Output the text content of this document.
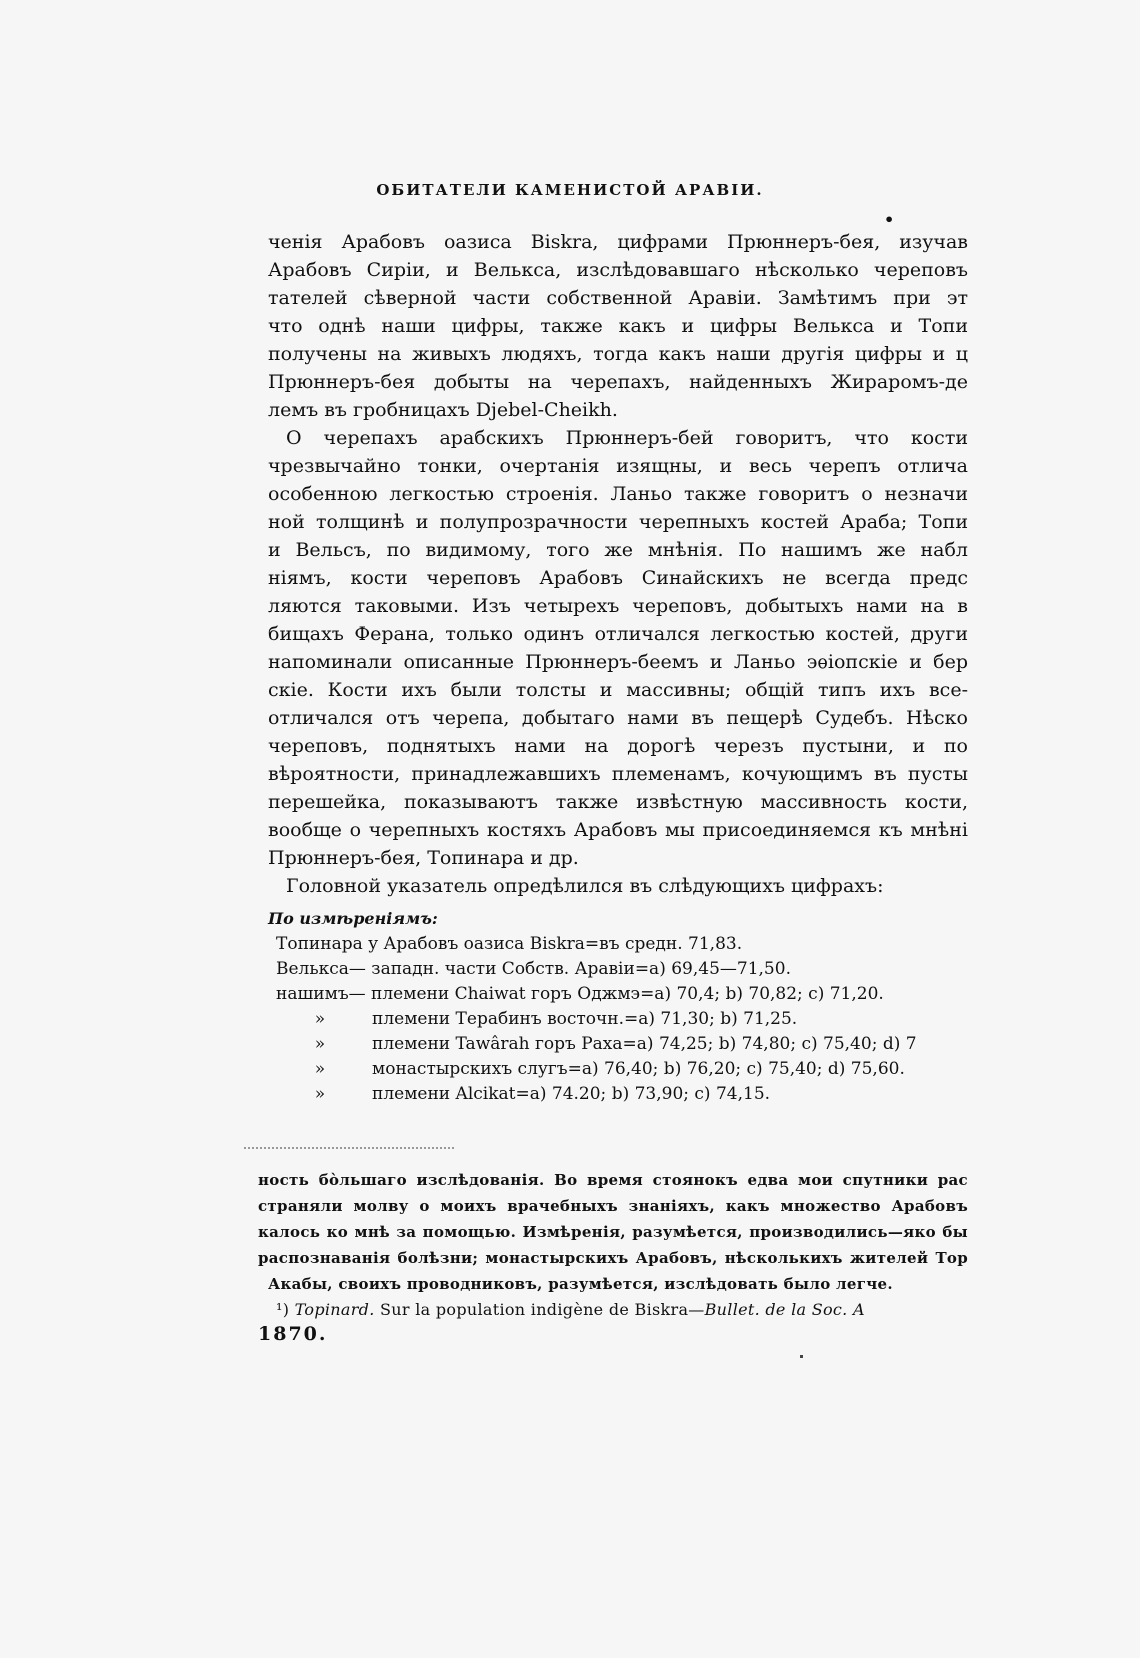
ОБИТАТЕЛИ КАМЕНИСТОЙ АРАВІИ.
•
ченія Арабовъ оазиса Biskra, цифрами Прюннеръ-бея, изучав
Арабовъ Сиріи, и Велькса, изслѣдовавшаго нѣсколько череповъ
тателей сѣверной части собственной Аравіи. Замѣтимъ при эт
что однѣ наши цифры, также какъ и цифры Велькса и Топи
получены на живыхъ людяхъ, тогда какъ наши другія цифры и ц
Прюннеръ-бея добыты на черепахъ, найденныхъ Жираромъ-де
лемъ въ гробницахъ Djebel-Cheikh.
О черепахъ арабскихъ Прюннеръ-бей говоритъ, что кости
чрезвычайно тонки, очертанія изящны, и весь черепъ отлича
особенною легкостью строенія. Ланьо также говоритъ о незначи
ной толщинѣ и полупрозрачности черепныхъ костей Араба; Топи
и Вельсъ, по видимому, того же мнѣнія. По нашимъ же набл
ніямъ, кости череповъ Арабовъ Синайскихъ не всегда предс
ляются таковыми. Изъ четырехъ череповъ, добытыхъ нами на в
бищахъ Ферана, только одинъ отличался легкостью костей, други
напоминали описанные Прюннеръ-беемъ и Ланьо эѳіопскіе и бер
скіе. Кости ихъ были толсты и массивны; общій типъ ихъ все-
отличался отъ черепа, добытаго нами въ пещерѣ Судебъ. Нѣско
череповъ, поднятыхъ нами на дорогѣ черезъ пустыни, и по
вѣроятности, принадлежавшихъ племенамъ, кочующимъ въ пусты
перешейка, показываютъ также извѣстную массивность кости,
вообще о черепныхъ костяхъ Арабовъ мы присоединяемся къ мнѣні
Прюннеръ-бея, Топинара и др.
Головной указатель опредѣлился въ слѣдующихъ цифрахъ:
По измѣреніямъ:
Топинара у Арабовъ оазиса Biskra=въ средн. 71,83.
Велькса— западн. части Собств. Аравіи=а) 69,45—71,50.
нашимъ— племени Chaiwat горъ Оджмэ=а) 70,4; b) 70,82; с) 71,20.
»	племени Терабинъ восточн.=а) 71,30; b) 71,25.
»	племени Tawârah горъ Раха=а) 74,25; b) 74,80; с) 75,40; d) 7
»	монастырскихъ слугъ=а) 76,40; b) 76,20; с) 75,40; d) 75,60.
»	племени Alcikat=а) 74.20; b) 73,90; с) 74,15.
ность бòльшаго изслѣдованія. Во время стоянокъ едва мои спутники рас
страняли молву о моихъ врачебныхъ знаніяхъ, какъ множество Арабовъ
калось ко мнѣ за помощью. Измѣренія, разумѣется, производились—яко бы
распознаванія болѣзни; монастырскихъ Арабовъ, нѣсколькихъ жителей Тор
Акабы, своихъ проводниковъ, разумѣется, изслѣдовать было легче.
¹) Topinard. Sur la population indigène de Biskra—Bullet. de la Soc. A
1870.
